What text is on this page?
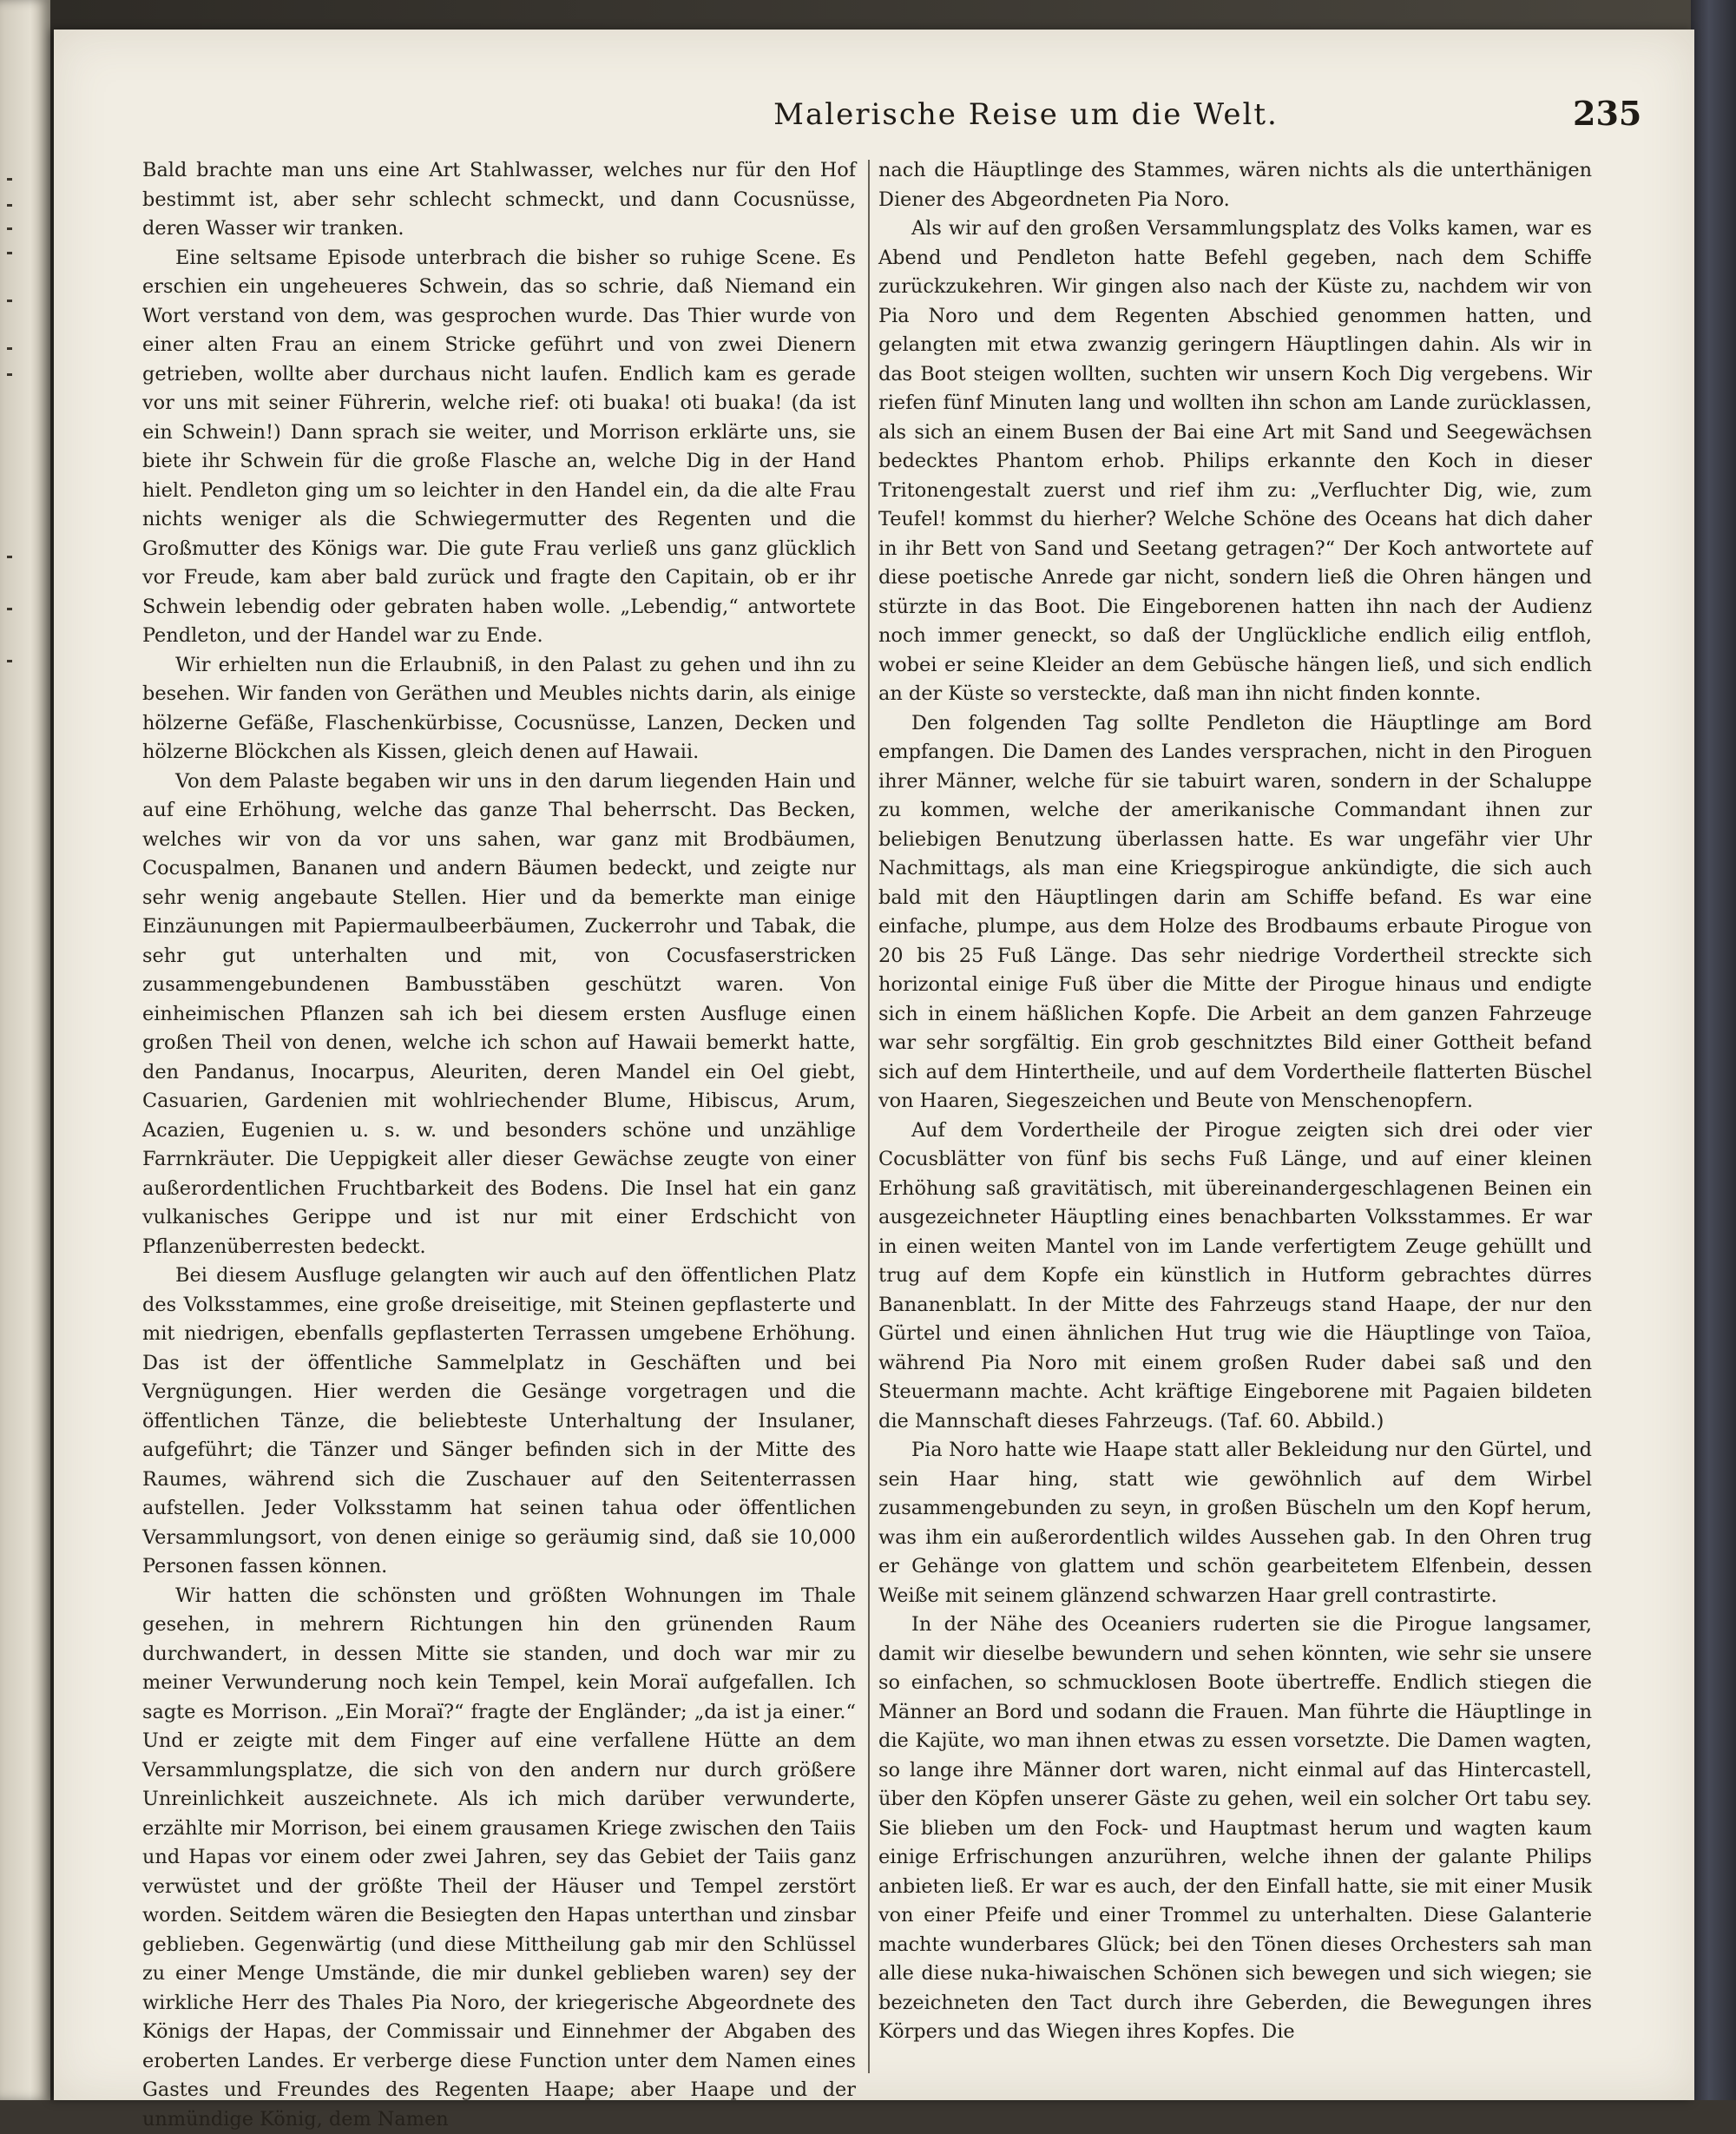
Malerische Reise um die Welt.	235

Bald brachte man uns eine Art Stahlwasser, welches nur für den Hof bestimmt ist, aber sehr schlecht schmeckt, und dann Cocusnüsse, deren Wasser wir tranken.

Eine seltsame Episode unterbrach die bisher so ruhige Scene. Es erschien ein ungeheueres Schwein, das so schrie, daß Niemand ein Wort verstand von dem, was gesprochen wurde. Das Thier wurde von einer alten Frau an einem Stricke geführt und von zwei Dienern getrieben, wollte aber durchaus nicht laufen. Endlich kam es gerade vor uns mit seiner Führerin, welche rief: oti buaka! oti buaka! (da ist ein Schwein!) Dann sprach sie weiter, und Morrison erklärte uns, sie biete ihr Schwein für die große Flasche an, welche Dig in der Hand hielt. Pendleton ging um so leichter in den Handel ein, da die alte Frau nichts weniger als die Schwiegermutter des Regenten und die Großmutter des Königs war. Die gute Frau verließ uns ganz glücklich vor Freude, kam aber bald zurück und fragte den Capitain, ob er ihr Schwein lebendig oder gebraten haben wolle. „Lebendig,“ antwortete Pendleton, und der Handel war zu Ende.

Wir erhielten nun die Erlaubniß, in den Palast zu gehen und ihn zu besehen. Wir fanden von Geräthen und Meubles nichts darin, als einige hölzerne Gefäße, Flaschenkürbisse, Cocusnüsse, Lanzen, Decken und hölzerne Blöckchen als Kissen, gleich denen auf Hawaii.

Von dem Palaste begaben wir uns in den darum liegenden Hain und auf eine Erhöhung, welche das ganze Thal beherrscht. Das Becken, welches wir von da vor uns sahen, war ganz mit Brodbäumen, Cocuspalmen, Bananen und andern Bäumen bedeckt, und zeigte nur sehr wenig angebaute Stellen. Hier und da bemerkte man einige Einzäunungen mit Papiermaulbeerbäumen, Zuckerrohr und Tabak, die sehr gut unterhalten und mit, von Cocusfaserstricken zusammengebundenen Bambusstäben geschützt waren. Von einheimischen Pflanzen sah ich bei diesem ersten Ausfluge einen großen Theil von denen, welche ich schon auf Hawaii bemerkt hatte, den Pandanus, Inocarpus, Aleuriten, deren Mandel ein Oel giebt, Casuarien, Gardenien mit wohlriechender Blume, Hibiscus, Arum, Acazien, Eugenien u. s. w. und besonders schöne und unzählige Farrnkräuter. Die Ueppigkeit aller dieser Gewächse zeugte von einer außerordentlichen Fruchtbarkeit des Bodens. Die Insel hat ein ganz vulkanisches Gerippe und ist nur mit einer Erdschicht von Pflanzenüberresten bedeckt.

Bei diesem Ausfluge gelangten wir auch auf den öffentlichen Platz des Volksstammes, eine große dreiseitige, mit Steinen gepflasterte und mit niedrigen, ebenfalls gepflasterten Terrassen umgebene Erhöhung. Das ist der öffentliche Sammelplatz in Geschäften und bei Vergnügungen. Hier werden die Gesänge vorgetragen und die öffentlichen Tänze, die beliebteste Unterhaltung der Insulaner, aufgeführt; die Tänzer und Sänger befinden sich in der Mitte des Raumes, während sich die Zuschauer auf den Seitenterrassen aufstellen. Jeder Volksstamm hat seinen tahua oder öffentlichen Versammlungsort, von denen einige so geräumig sind, daß sie 10,000 Personen fassen können.

Wir hatten die schönsten und größten Wohnungen im Thale gesehen, in mehrern Richtungen hin den grünenden Raum durchwandert, in dessen Mitte sie standen, und doch war mir zu meiner Verwunderung noch kein Tempel, kein Moraï aufgefallen. Ich sagte es Morrison. „Ein Moraï?“ fragte der Engländer; „da ist ja einer.“ Und er zeigte mit dem Finger auf eine verfallene Hütte an dem Versammlungsplatze, die sich von den andern nur durch größere Unreinlichkeit auszeichnete. Als ich mich darüber verwunderte, erzählte mir Morrison, bei einem grausamen Kriege zwischen den Taiis und Hapas vor einem oder zwei Jahren, sey das Gebiet der Taiis ganz verwüstet und der größte Theil der Häuser und Tempel zerstört worden. Seitdem wären die Besiegten den Hapas unterthan und zinsbar geblieben. Gegenwärtig (und diese Mittheilung gab mir den Schlüssel zu einer Menge Umstände, die mir dunkel geblieben waren) sey der wirkliche Herr des Thales Pia Noro, der kriegerische Abgeordnete des Königs der Hapas, der Commissair und Einnehmer der Abgaben des eroberten Landes. Er verberge diese Function unter dem Namen eines Gastes und Freundes des Regenten Haape; aber Haape und der unmündige König, dem Namen

nach die Häuptlinge des Stammes, wären nichts als die unterthänigen Diener des Abgeordneten Pia Noro.

Als wir auf den großen Versammlungsplatz des Volks kamen, war es Abend und Pendleton hatte Befehl gegeben, nach dem Schiffe zurückzukehren. Wir gingen also nach der Küste zu, nachdem wir von Pia Noro und dem Regenten Abschied genommen hatten, und gelangten mit etwa zwanzig geringern Häuptlingen dahin. Als wir in das Boot steigen wollten, suchten wir unsern Koch Dig vergebens. Wir riefen fünf Minuten lang und wollten ihn schon am Lande zurücklassen, als sich an einem Busen der Bai eine Art mit Sand und Seegewächsen bedecktes Phantom erhob. Philips erkannte den Koch in dieser Tritonengestalt zuerst und rief ihm zu: „Verfluchter Dig, wie, zum Teufel! kommst du hierher? Welche Schöne des Oceans hat dich daher in ihr Bett von Sand und Seetang getragen?“ Der Koch antwortete auf diese poetische Anrede gar nicht, sondern ließ die Ohren hängen und stürzte in das Boot. Die Eingeborenen hatten ihn nach der Audienz noch immer geneckt, so daß der Unglückliche endlich eilig entfloh, wobei er seine Kleider an dem Gebüsche hängen ließ, und sich endlich an der Küste so versteckte, daß man ihn nicht finden konnte.

Den folgenden Tag sollte Pendleton die Häuptlinge am Bord empfangen. Die Damen des Landes versprachen, nicht in den Piroguen ihrer Männer, welche für sie tabuirt waren, sondern in der Schaluppe zu kommen, welche der amerikanische Commandant ihnen zur beliebigen Benutzung überlassen hatte. Es war ungefähr vier Uhr Nachmittags, als man eine Kriegspirogue ankündigte, die sich auch bald mit den Häuptlingen darin am Schiffe befand. Es war eine einfache, plumpe, aus dem Holze des Brodbaums erbaute Pirogue von 20 bis 25 Fuß Länge. Das sehr niedrige Vordertheil streckte sich horizontal einige Fuß über die Mitte der Pirogue hinaus und endigte sich in einem häßlichen Kopfe. Die Arbeit an dem ganzen Fahrzeuge war sehr sorgfältig. Ein grob geschnitztes Bild einer Gottheit befand sich auf dem Hintertheile, und auf dem Vordertheile flatterten Büschel von Haaren, Siegeszeichen und Beute von Menschenopfern.

Auf dem Vordertheile der Pirogue zeigten sich drei oder vier Cocusblätter von fünf bis sechs Fuß Länge, und auf einer kleinen Erhöhung saß gravitätisch, mit übereinandergeschlagenen Beinen ein ausgezeichneter Häuptling eines benachbarten Volksstammes. Er war in einen weiten Mantel von im Lande verfertigtem Zeuge gehüllt und trug auf dem Kopfe ein künstlich in Hutform gebrachtes dürres Bananenblatt. In der Mitte des Fahrzeugs stand Haape, der nur den Gürtel und einen ähnlichen Hut trug wie die Häuptlinge von Taïoa, während Pia Noro mit einem großen Ruder dabei saß und den Steuermann machte. Acht kräftige Eingeborene mit Pagaien bildeten die Mannschaft dieses Fahrzeugs. (Taf. 60. Abbild.)

Pia Noro hatte wie Haape statt aller Bekleidung nur den Gürtel, und sein Haar hing, statt wie gewöhnlich auf dem Wirbel zusammengebunden zu seyn, in großen Büscheln um den Kopf herum, was ihm ein außerordentlich wildes Aussehen gab. In den Ohren trug er Gehänge von glattem und schön gearbeitetem Elfenbein, dessen Weiße mit seinem glänzend schwarzen Haar grell contrastirte.

In der Nähe des Oceaniers ruderten sie die Pirogue langsamer, damit wir dieselbe bewundern und sehen könnten, wie sehr sie unsere so einfachen, so schmucklosen Boote übertreffe. Endlich stiegen die Männer an Bord und sodann die Frauen. Man führte die Häuptlinge in die Kajüte, wo man ihnen etwas zu essen vorsetzte. Die Damen wagten, so lange ihre Männer dort waren, nicht einmal auf das Hintercastell, über den Köpfen unserer Gäste zu gehen, weil ein solcher Ort tabu sey. Sie blieben um den Fock- und Hauptmast herum und wagten kaum einige Erfrischungen anzurühren, welche ihnen der galante Philips anbieten ließ. Er war es auch, der den Einfall hatte, sie mit einer Musik von einer Pfeife und einer Trommel zu unterhalten. Diese Galanterie machte wunderbares Glück; bei den Tönen dieses Orchesters sah man alle diese nuka-hiwaischen Schönen sich bewegen und sich wiegen; sie bezeichneten den Tact durch ihre Geberden, die Bewegungen ihres Körpers und das Wiegen ihres Kopfes. Die
